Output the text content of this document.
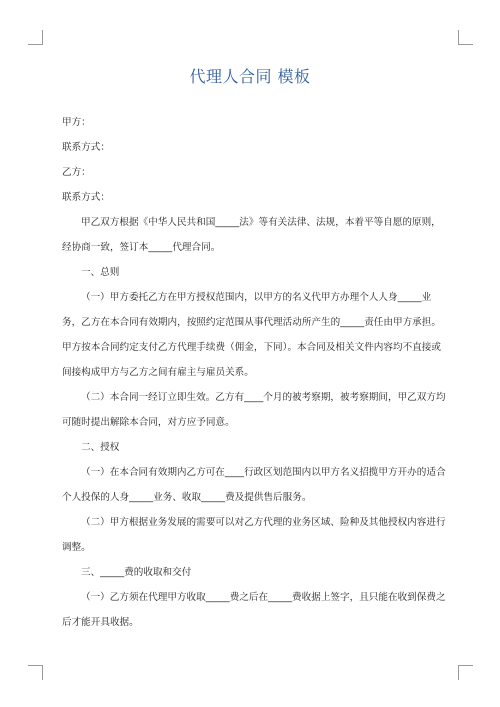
代理人合同 模板

甲方：

联系方式：

乙方：

联系方式：

甲乙双方根据《中华人民共和国_____法》等有关法律、法规，本着平等自愿的原则，经协商一致，签订本_____代理合同。

一、总则

（一）甲方委托乙方在甲方授权范围内，以甲方的名义代甲方办理个人人身_____业务，乙方在本合同有效期内，按照约定范围从事代理活动所产生的_____责任由甲方承担。甲方按本合同约定支付乙方代理手续费（佣金，下同）。本合同及相关文件内容均不直接或间接构成甲方与乙方之间有雇主与雇员关系。

（二）本合同一经订立即生效。乙方有____个月的被考察期，被考察期间，甲乙双方均可随时提出解除本合同，对方应予同意。

二、授权

（一）在本合同有效期内乙方可在____行政区划范围内以甲方名义招揽甲方开办的适合个人投保的人身_____业务、收取_____费及提供售后服务。

（二）甲方根据业务发展的需要可以对乙方代理的业务区域、险种及其他授权内容进行调整。

三、_____费的收取和交付

（一）乙方须在代理甲方收取_____费之后在_____费收据上签字，且只能在收到保费之后才能开具收据。
